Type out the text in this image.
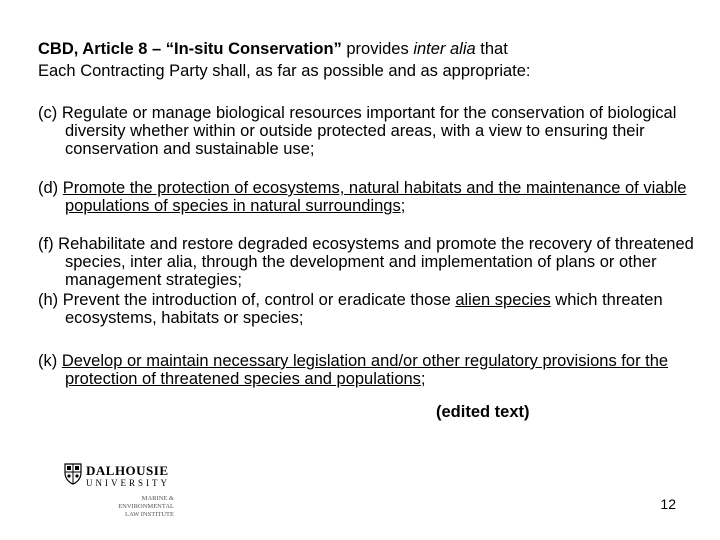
CBD, Article 8 – “In-situ Conservation” provides inter alia that
Each Contracting Party shall, as far as possible and as appropriate:
(c) Regulate or manage biological resources important for the conservation of biological diversity whether within or outside protected areas, with a view to ensuring their conservation and sustainable use;
(d) Promote the protection of ecosystems, natural habitats and the maintenance of viable populations of species in natural surroundings;
(f) Rehabilitate and restore degraded ecosystems and promote the recovery of threatened species, inter alia, through the development and implementation of plans or other management strategies;
(h) Prevent the introduction of, control or eradicate those alien species which threaten ecosystems, habitats or species;
(k) Develop or maintain necessary legislation and/or other regulatory provisions for the protection of threatened species and populations;
(edited text)
DALHOUSIE
UNIVERSITY
MARINE &
ENVIRONMENTAL
LAW INSTITUTE
12
